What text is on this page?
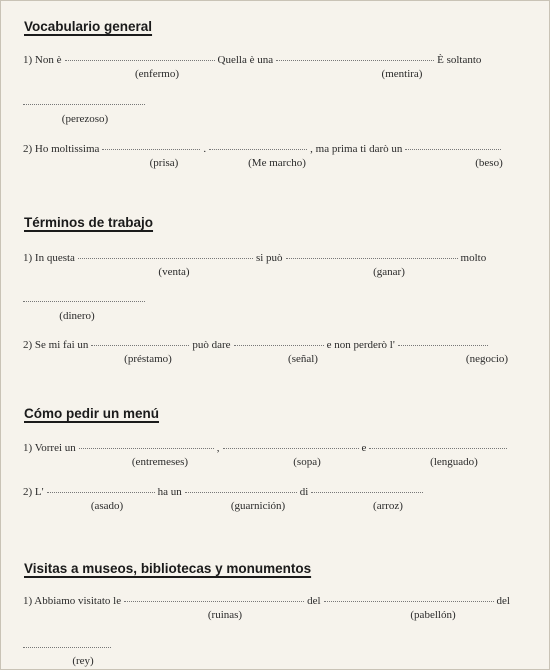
Vocabulario general
1) Non è	Quella è una	È soltanto
(enfermo)	(mentira)
(perezoso)
2) Ho moltissima	.	, ma prima ti darò un
(prisa)	(Me marcho)	(beso)
Términos de trabajo
1) In questa	si può	molto
(venta)	(ganar)
(dinero)
2) Se mi fai un	può dare	e non perderò l'
(préstamo)	(señal)	(negocio)
Cómo pedir un menú
1) Vorrei un	,	e
(entremeses)	(sopa)	(lenguado)
2) L'	ha un	di
(asado)	(guarnición)	(arroz)
Visitas a museos, bibliotecas y monumentos
1) Abbiamo visitato le	del	del
(ruinas)	(pabellón)
(rey)
